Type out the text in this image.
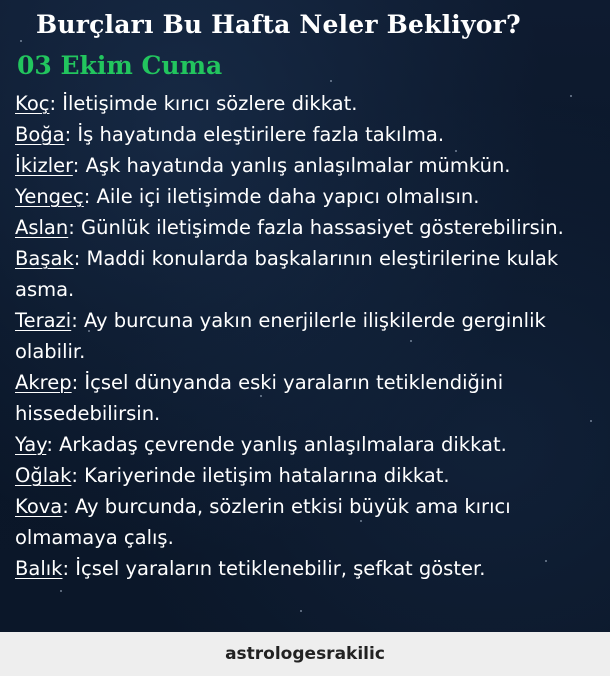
Burçları Bu Hafta Neler Bekliyor?
03 Ekim Cuma
Koç: İletişimde kırıcı sözlere dikkat.
Boğa: İş hayatında eleştirilere fazla takılma.
İkizler: Aşk hayatında yanlış anlaşılmalar mümkün.
Yengeç: Aile içi iletişimde daha yapıcı olmalısın.
Aslan: Günlük iletişimde fazla hassasiyet gösterebilirsin.
Başak: Maddi konularda başkalarının eleştirilerine kulak asma.
Terazi: Ay burcuna yakın enerjilerle ilişkilerde gerginlik olabilir.
Akrep: İçsel dünyanda eski yaraların tetiklendiğini hissedebilirsin.
Yay: Arkadaş çevrende yanlış anlaşılmalara dikkat.
Oğlak: Kariyerinde iletişim hatalarına dikkat.
Kova: Ay burcunda, sözlerin etkisi büyük ama kırıcı olmamaya çalış.
Balık: İçsel yaraların tetiklenebilir, şefkat göster.
astrologesrakilic
